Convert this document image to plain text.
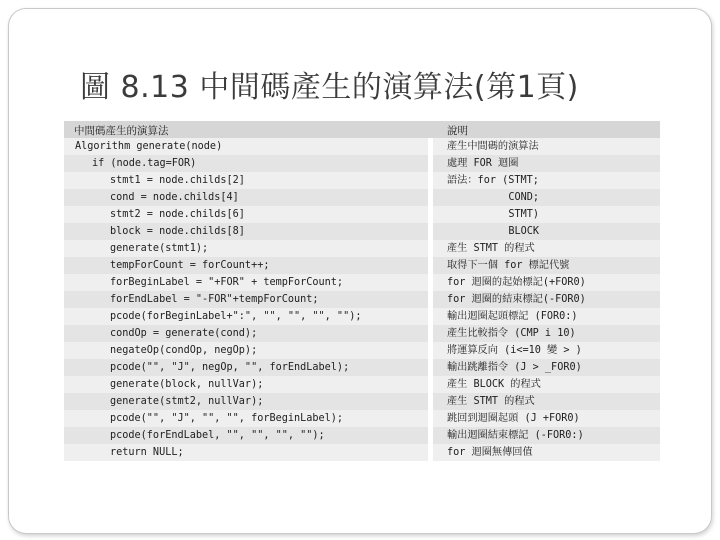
圖 8.13 中間碼產生的演算法(第1頁)
中間碼產生的演算法	說明
Algorithm generate(node)	產生中間碼的演算法
if (node.tag=FOR)	處理 FOR 迴圈
stmt1 = node.childs[2]	語法：for (STMT;
cond = node.childs[4]	COND;
stmt2 = node.childs[6]	STMT)
block = node.childs[8]	BLOCK
generate(stmt1);	產生 STMT 的程式
tempForCount = forCount++;	取得下一個 for 標記代號
forBeginLabel = "+FOR" + tempForCount;	for 迴圈的起始標記(+FOR0)
forEndLabel = "-FOR"+tempForCount;	for 迴圈的結束標記(-FOR0)
pcode(forBeginLabel+":", "", "", "", "");	輸出迴圈起頭標記 (FOR0:)
condOp = generate(cond);	產生比較指令 (CMP i 10)
negateOp(condOp, negOp);	將運算反向 (i<=10 變 > )
pcode("", "J", negOp, "", forEndLabel);	輸出跳離指令 (J > _FOR0)
generate(block, nullVar);	產生 BLOCK 的程式
generate(stmt2, nullVar);	產生 STMT 的程式
pcode("", "J", "", "", forBeginLabel);	跳回到迴圈起頭 (J +FOR0)
pcode(forEndLabel, "", "", "", "");	輸出迴圈結束標記 (-FOR0:)
return NULL;	for 迴圈無傳回值
